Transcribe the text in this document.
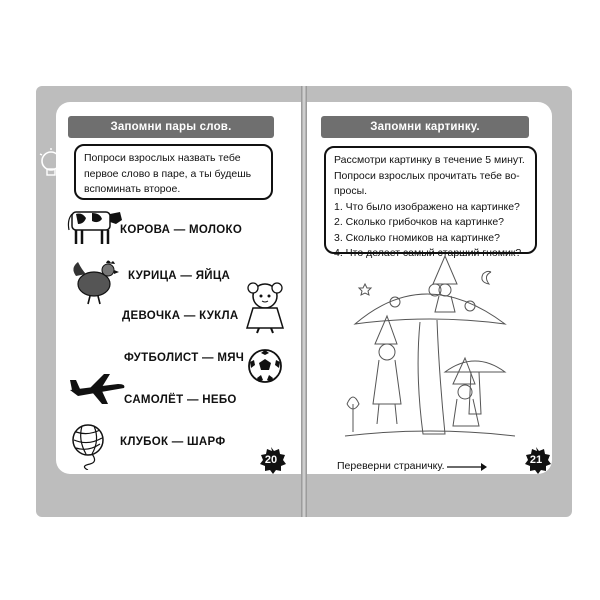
Запомни пары слов.
Попроси взрослых назвать тебе
первое слово в паре, а ты будешь
вспоминать второе.
КОРОВА — МОЛОКО
КУРИЦА — ЯЙЦА
ДЕВОЧКА — КУКЛА
ФУТБОЛИСТ — МЯЧ
САМОЛЁТ — НЕБО
КЛУБОК — ШАРФ
20
Запомни картинку.
Рассмотри картинку в течение 5 минут.
Попроси взрослых прочитать тебе во-
просы.
1. Что было изображено на картинке?
2. Сколько грибочков на картинке?
3. Сколько гномиков на картинке?
4. Что делает самый старший гномик?
Переверни страничку.	21
